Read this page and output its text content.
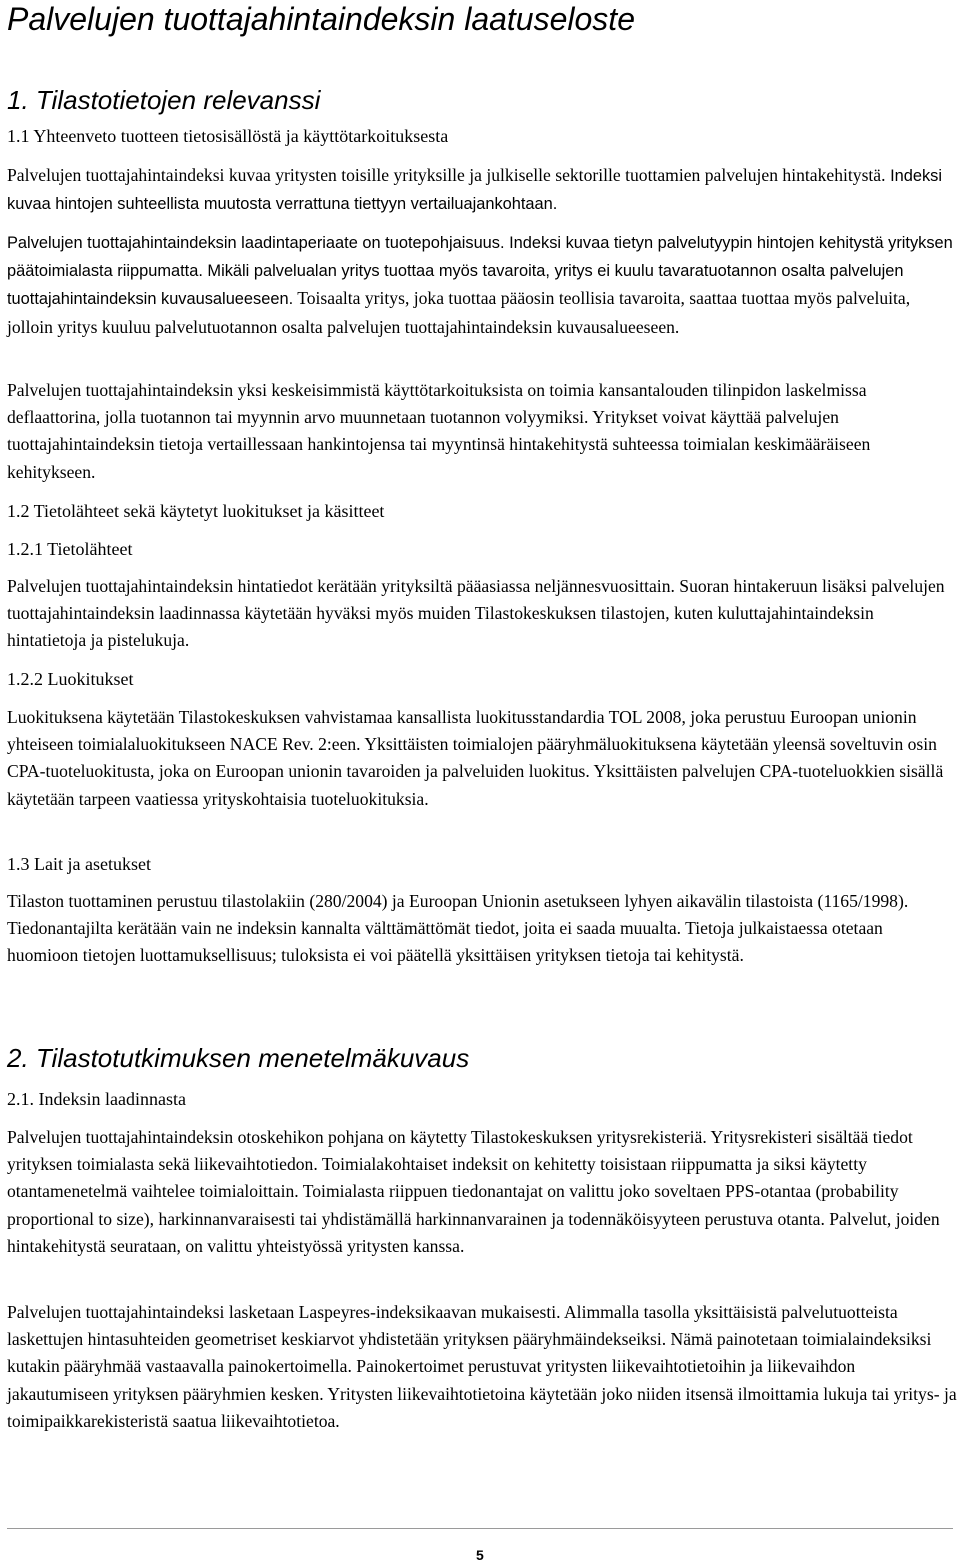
Palvelujen tuottajahintaindeksin laatuseloste
1. Tilastotietojen relevanssi
1.1 Yhteenveto tuotteen tietosisällöstä ja käyttötarkoituksesta

Palvelujen tuottajahintaindeksi kuvaa yritysten toisille yrityksille ja julkiselle sektorille tuottamien palvelujen hintakehitystä. Indeksi kuvaa hintojen suhteellista muutosta verrattuna tiettyyn vertailuajankohtaan.

Palvelujen tuottajahintaindeksin laadintaperiaate on tuotepohjaisuus. Indeksi kuvaa tietyn palvelutyypin hintojen kehitystä yrityksen päätoimialasta riippumatta. Mikäli palvelualan yritys tuottaa myös tavaroita, yritys ei kuulu tavaratuotannon osalta palvelujen tuottajahintaindeksin kuvausalueeseen. Toisaalta yritys, joka tuottaa pääosin teollisia tavaroita, saattaa tuottaa myös palveluita, jolloin yritys kuuluu palvelutuotannon osalta palvelujen tuottajahintaindeksin kuvausalueeseen.

Palvelujen tuottajahintaindeksin yksi keskeisimmistä käyttötarkoituksista on toimia kansantalouden tilinpidon laskelmissa deflaattorina, jolla tuotannon tai myynnin arvo muunnetaan tuotannon volyymiksi. Yritykset voivat käyttää palvelujen tuottajahintaindeksin tietoja vertaillessaan hankintojensa tai myyntinsä hintakehitystä suhteessa toimialan keskimääräiseen kehitykseen.

1.2 Tietolähteet sekä käytetyt luokitukset ja käsitteet
1.2.1 Tietolähteet

Palvelujen tuottajahintaindeksin hintatiedot kerätään yrityksiltä pääasiassa neljännesvuosittain. Suoran hintakeruun lisäksi palvelujen tuottajahintaindeksin laadinnassa käytetään hyväksi myös muiden Tilastokeskuksen tilastojen, kuten kuluttajahintaindeksin hintatietoja ja pistelukuja.

1.2.2 Luokitukset

Luokituksena käytetään Tilastokeskuksen vahvistamaa kansallista luokitusstandardia TOL 2008, joka perustuu Euroopan unionin yhteiseen toimialaluokitukseen NACE Rev. 2:een. Yksittäisten toimialojen pääryhmäluokituksena käytetään yleensä soveltuvin osin CPA-tuoteluokitusta, joka on Euroopan unionin tavaroiden ja palveluiden luokitus. Yksittäisten palvelujen CPA-tuoteluokkien sisällä käytetään tarpeen vaatiessa yrityskohtaisia tuoteluokituksia.

1.3 Lait ja asetukset

Tilaston tuottaminen perustuu tilastolakiin (280/2004) ja Euroopan Unionin asetukseen lyhyen aikavälin tilastoista (1165/1998). Tiedonantajilta kerätään vain ne indeksin kannalta välttämättömät tiedot, joita ei saada muualta. Tietoja julkaistaessa otetaan huomioon tietojen luottamuksellisuus; tuloksista ei voi päätellä yksittäisen yrityksen tietoja tai kehitystä.

2. Tilastotutkimuksen menetelmäkuvaus
2.1. Indeksin laadinnasta

Palvelujen tuottajahintaindeksin otoskehikon pohjana on käytetty Tilastokeskuksen yritysrekisteriä. Yritysrekisteri sisältää tiedot yrityksen toimialasta sekä liikevaihtotiedon. Toimialakohtaiset indeksit on kehitetty toisistaan riippumatta ja siksi käytetty otantamenetelmä vaihtelee toimialoittain. Toimialasta riippuen tiedonantajat on valittu joko soveltaen PPS-otantaa (probability proportional to size), harkinnanvaraisesti tai yhdistämällä harkinnanvarainen ja todennäköisyyteen perustuva otanta. Palvelut, joiden hintakehitystä seurataan, on valittu yhteistyössä yritysten kanssa.

Palvelujen tuottajahintaindeksi lasketaan Laspeyres-indeksikaavan mukaisesti. Alimmalla tasolla yksittäisistä palvelutuotteista laskettujen hintasuhteiden geometriset keskiarvot yhdistetään yrityksen pääryhmäindekseiksi. Nämä painotetaan toimialaindeksiksi kutakin pääryhmää vastaavalla painokertoimella. Painokertoimet perustuvat yritysten liikevaihtotietoihin ja liikevaihdon jakautumiseen yrityksen pääryhmien kesken. Yritysten liikevaihtotietoina käytetään joko niiden itsensä ilmoittamia lukuja tai yritys- ja toimipaikkarekisteristä saatua liikevaihtotietoa.

5
